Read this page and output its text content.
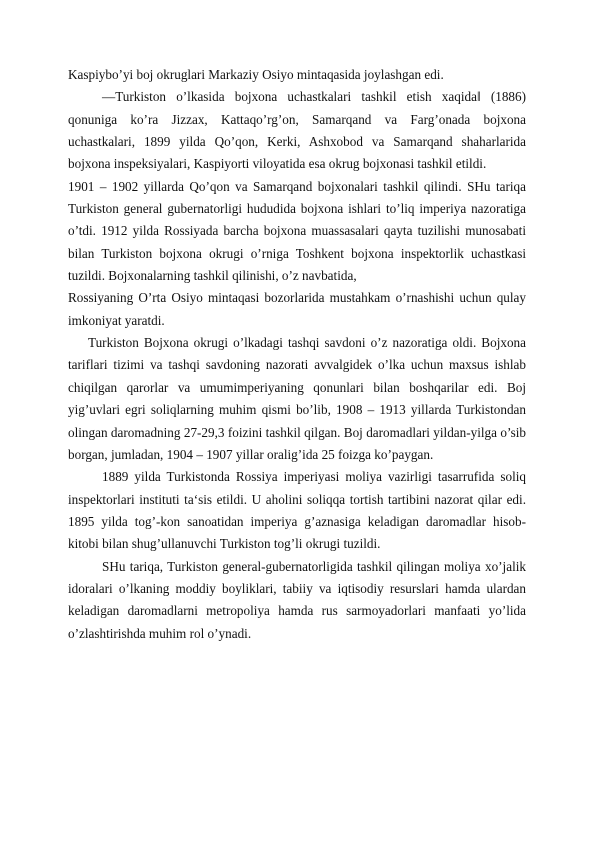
Kaspiybo’yi boj okruglari Markaziy Osiyo mintaqasida joylashgan edi.

―Turkiston o’lkasida bojxona uchastkalari tashkil etish xaqida‖ (1886) qonuniga ko’ra Jizzax, Kattaqo’rg’on, Samarqand va Farg’onada bojxona uchastkalari, 1899 yilda Qo’qon, Kerki, Ashxobod va Samarqand shaharlarida bojxona inspeksiyalari, Kaspiyorti viloyatida esa okrug bojxonasi tashkil etildi.

1901 – 1902 yillarda Qo’qon va Samarqand bojxonalari tashkil qilindi. SHu tariqa Turkiston general gubernatorligi hududida bojxona ishlari to’liq imperiya nazoratiga o’tdi. 1912 yilda Rossiyada barcha bojxona muassasalari qayta tuzilishi munosabati bilan Turkiston bojxona okrugi o’rniga Toshkent bojxona inspektorlik uchastkasi tuzildi. Bojxonalarning tashkil qilinishi, o’z navbatida,

Rossiyaning O’rta Osiyo mintaqasi bozorlarida mustahkam o’rnashishi uchun qulay imkoniyat yaratdi.

Turkiston Bojxona okrugi o’lkadagi tashqi savdoni o’z nazoratiga oldi. Bojxona tariflari tizimi va tashqi savdoning nazorati avvalgidek o’lka uchun maxsus ishlab chiqilgan qarorlar va umumimperiyaning qonunlari bilan boshqarilar edi. Boj yig’uvlari egri soliqlarning muhim qismi bo’lib, 1908 – 1913 yillarda Turkistondan olingan daromadning 27-29,3 foizini tashkil qilgan. Boj daromadlari yildan-yilga o’sib borgan, jumladan, 1904 – 1907 yillar oralig’ida 25 foizga ko’paygan.

1889 yilda Turkistonda Rossiya imperiyasi moliya vazirligi tasarrufida soliq inspektorlari instituti ta‘sis etildi. U aholini soliqqa tortish tartibini nazorat qilar edi. 1895 yilda tog’-kon sanoatidan imperiya g’aznasiga keladigan daromadlar hisob-kitobi bilan shug’ullanuvchi Turkiston tog’li okrugi tuzildi.

SHu tariqa, Turkiston general-gubernatorligida tashkil qilingan moliya xo’jalik idoralari o’lkaning moddiy boyliklari, tabiiy va iqtisodiy resurslari hamda ulardan keladigan daromadlarni metropoliya hamda rus sarmoyadorlari manfaati yo’lida o’zlashtirishda muhim rol o’ynadi.
